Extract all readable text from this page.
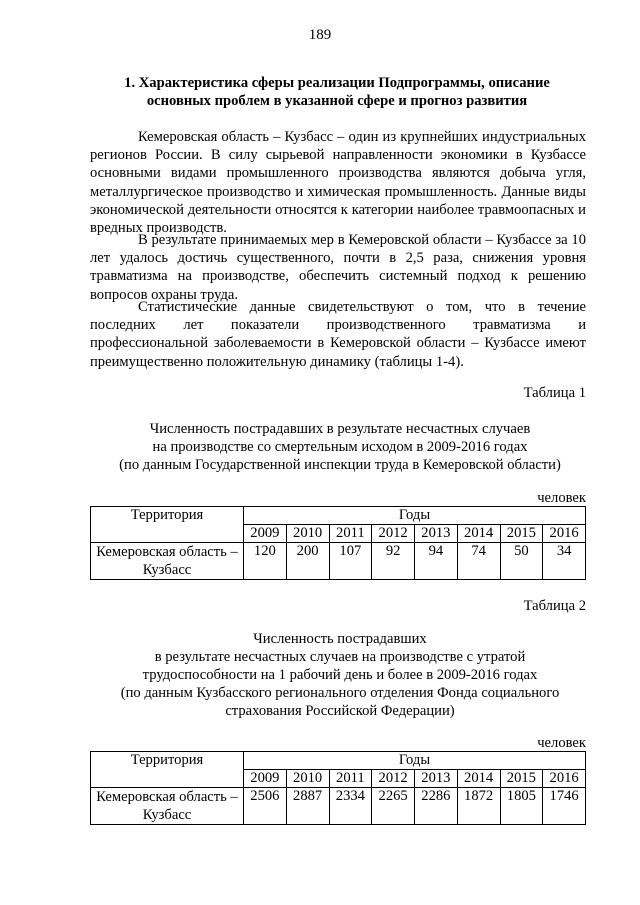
189
1. Характеристика сферы реализации Подпрограммы, описание
основных проблем в указанной сфере и прогноз развития

Кемеровская область – Кузбасс – один из крупнейших индустриальных регионов России. В силу сырьевой направленности экономики в Кузбассе основными видами промышленного производства являются добыча угля, металлургическое производство и химическая промышленность. Данные виды экономической деятельности относятся к категории наиболее травмоопасных и вредных производств.

В результате принимаемых мер в Кемеровской области – Кузбассе за 10 лет удалось достичь существенного, почти в 2,5 раза, снижения уровня травматизма на производстве, обеспечить системный подход к решению вопросов охраны труда.

Статистические данные свидетельствуют о том, что в течение последних лет показатели производственного травматизма и профессиональной заболеваемости в Кемеровской области – Кузбассе имеют преимущественно положительную динамику (таблицы 1-4).

Таблица 1
Численность пострадавших в результате несчастных случаев
на производстве со смертельным исходом в 2009-2016 годах
(по данным Государственной инспекции труда в Кемеровской области)
человек
Территория	Годы							
	2009	2010	2011	2012	2013	2014	2015	2016

Кемеровская область –
Кузбасс	120	200	107	92	94	74	50	34
Таблица 2
Численность пострадавших
в результате несчастных случаев на производстве с утратой
трудоспособности на 1 рабочий день и более в 2009-2016 годах
(по данным Кузбасского регионального отделения Фонда социального
страхования Российской Федерации)
человек
Территория	Годы							
	2009	2010	2011	2012	2013	2014	2015	2016

Кемеровская область –
Кузбасс	2506	2887	2334	2265	2286	1872	1805	1746
